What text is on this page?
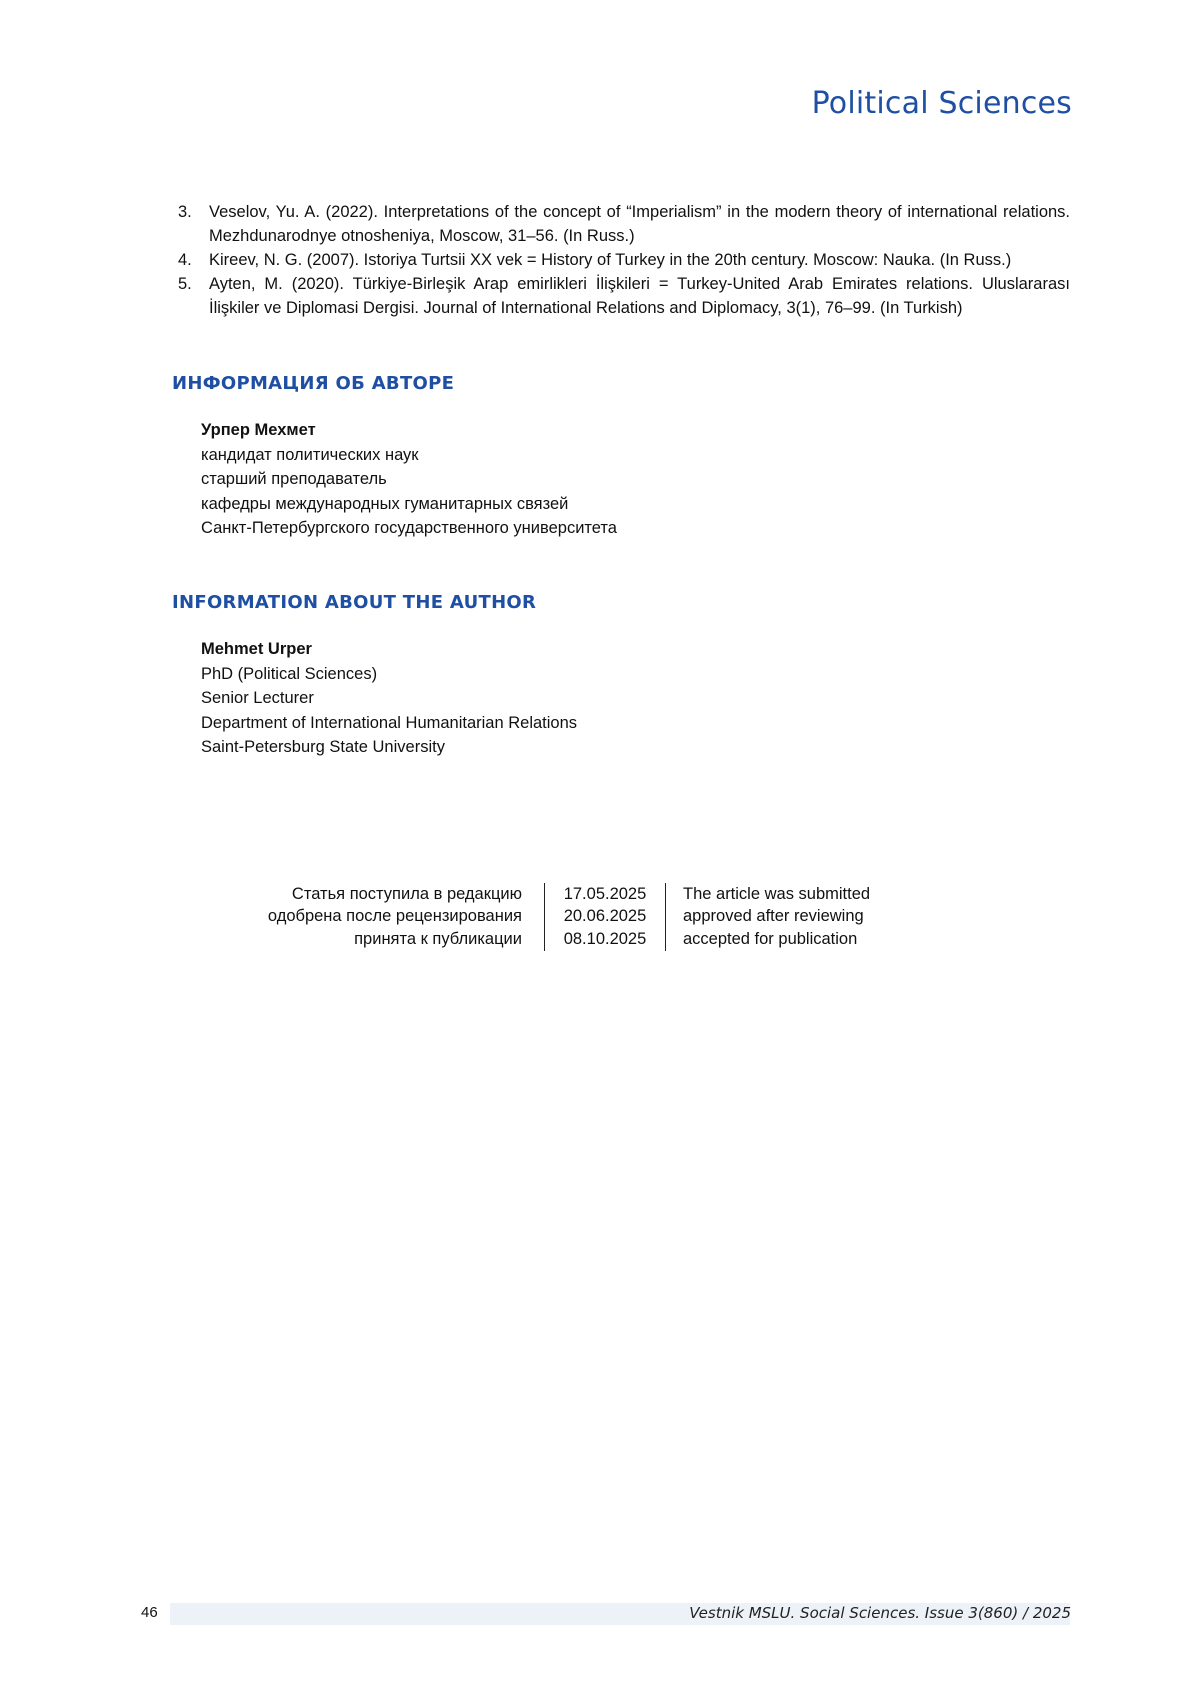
Political Sciences
3. Veselov, Yu. A. (2022). Interpretations of the concept of “Imperialism” in the modern theory of international relations. Mezhdunarodnye otnosheniya, Moscow, 31–56. (In Russ.)
4. Kireev, N. G. (2007). Istoriya Turtsii XX vek = History of Turkey in the 20th century. Moscow: Nauka. (In Russ.)
5. Ayten, M. (2020). Türkiye-Birleşik Arap emirlikleri İlişkileri = Turkey-United Arab Emirates relations. Uluslararası İlişkiler ve Diplomasi Dergisi. Journal of International Relations and Diplomacy, 3(1), 76–99. (In Turkish)
ИНФОРМАЦИЯ ОБ АВТОРЕ
Урпер Мехмет
кандидат политических наук
старший преподаватель
кафедры международных гуманитарных связей
Санкт-Петербургского государственного университета
INFORMATION ABOUT THE AUTHOR
Mehmet Urper
PhD (Political Sciences)
Senior Lecturer
Department of International Humanitarian Relations
Saint-Petersburg State University
Статья поступила в редакцию	17.05.2025	The article was submitted
одобрена после рецензирования	20.06.2025	approved after reviewing
принята к публикации	08.10.2025	accepted for publication
46	Vestnik MSLU. Social Sciences. Issue 3(860) / 2025
